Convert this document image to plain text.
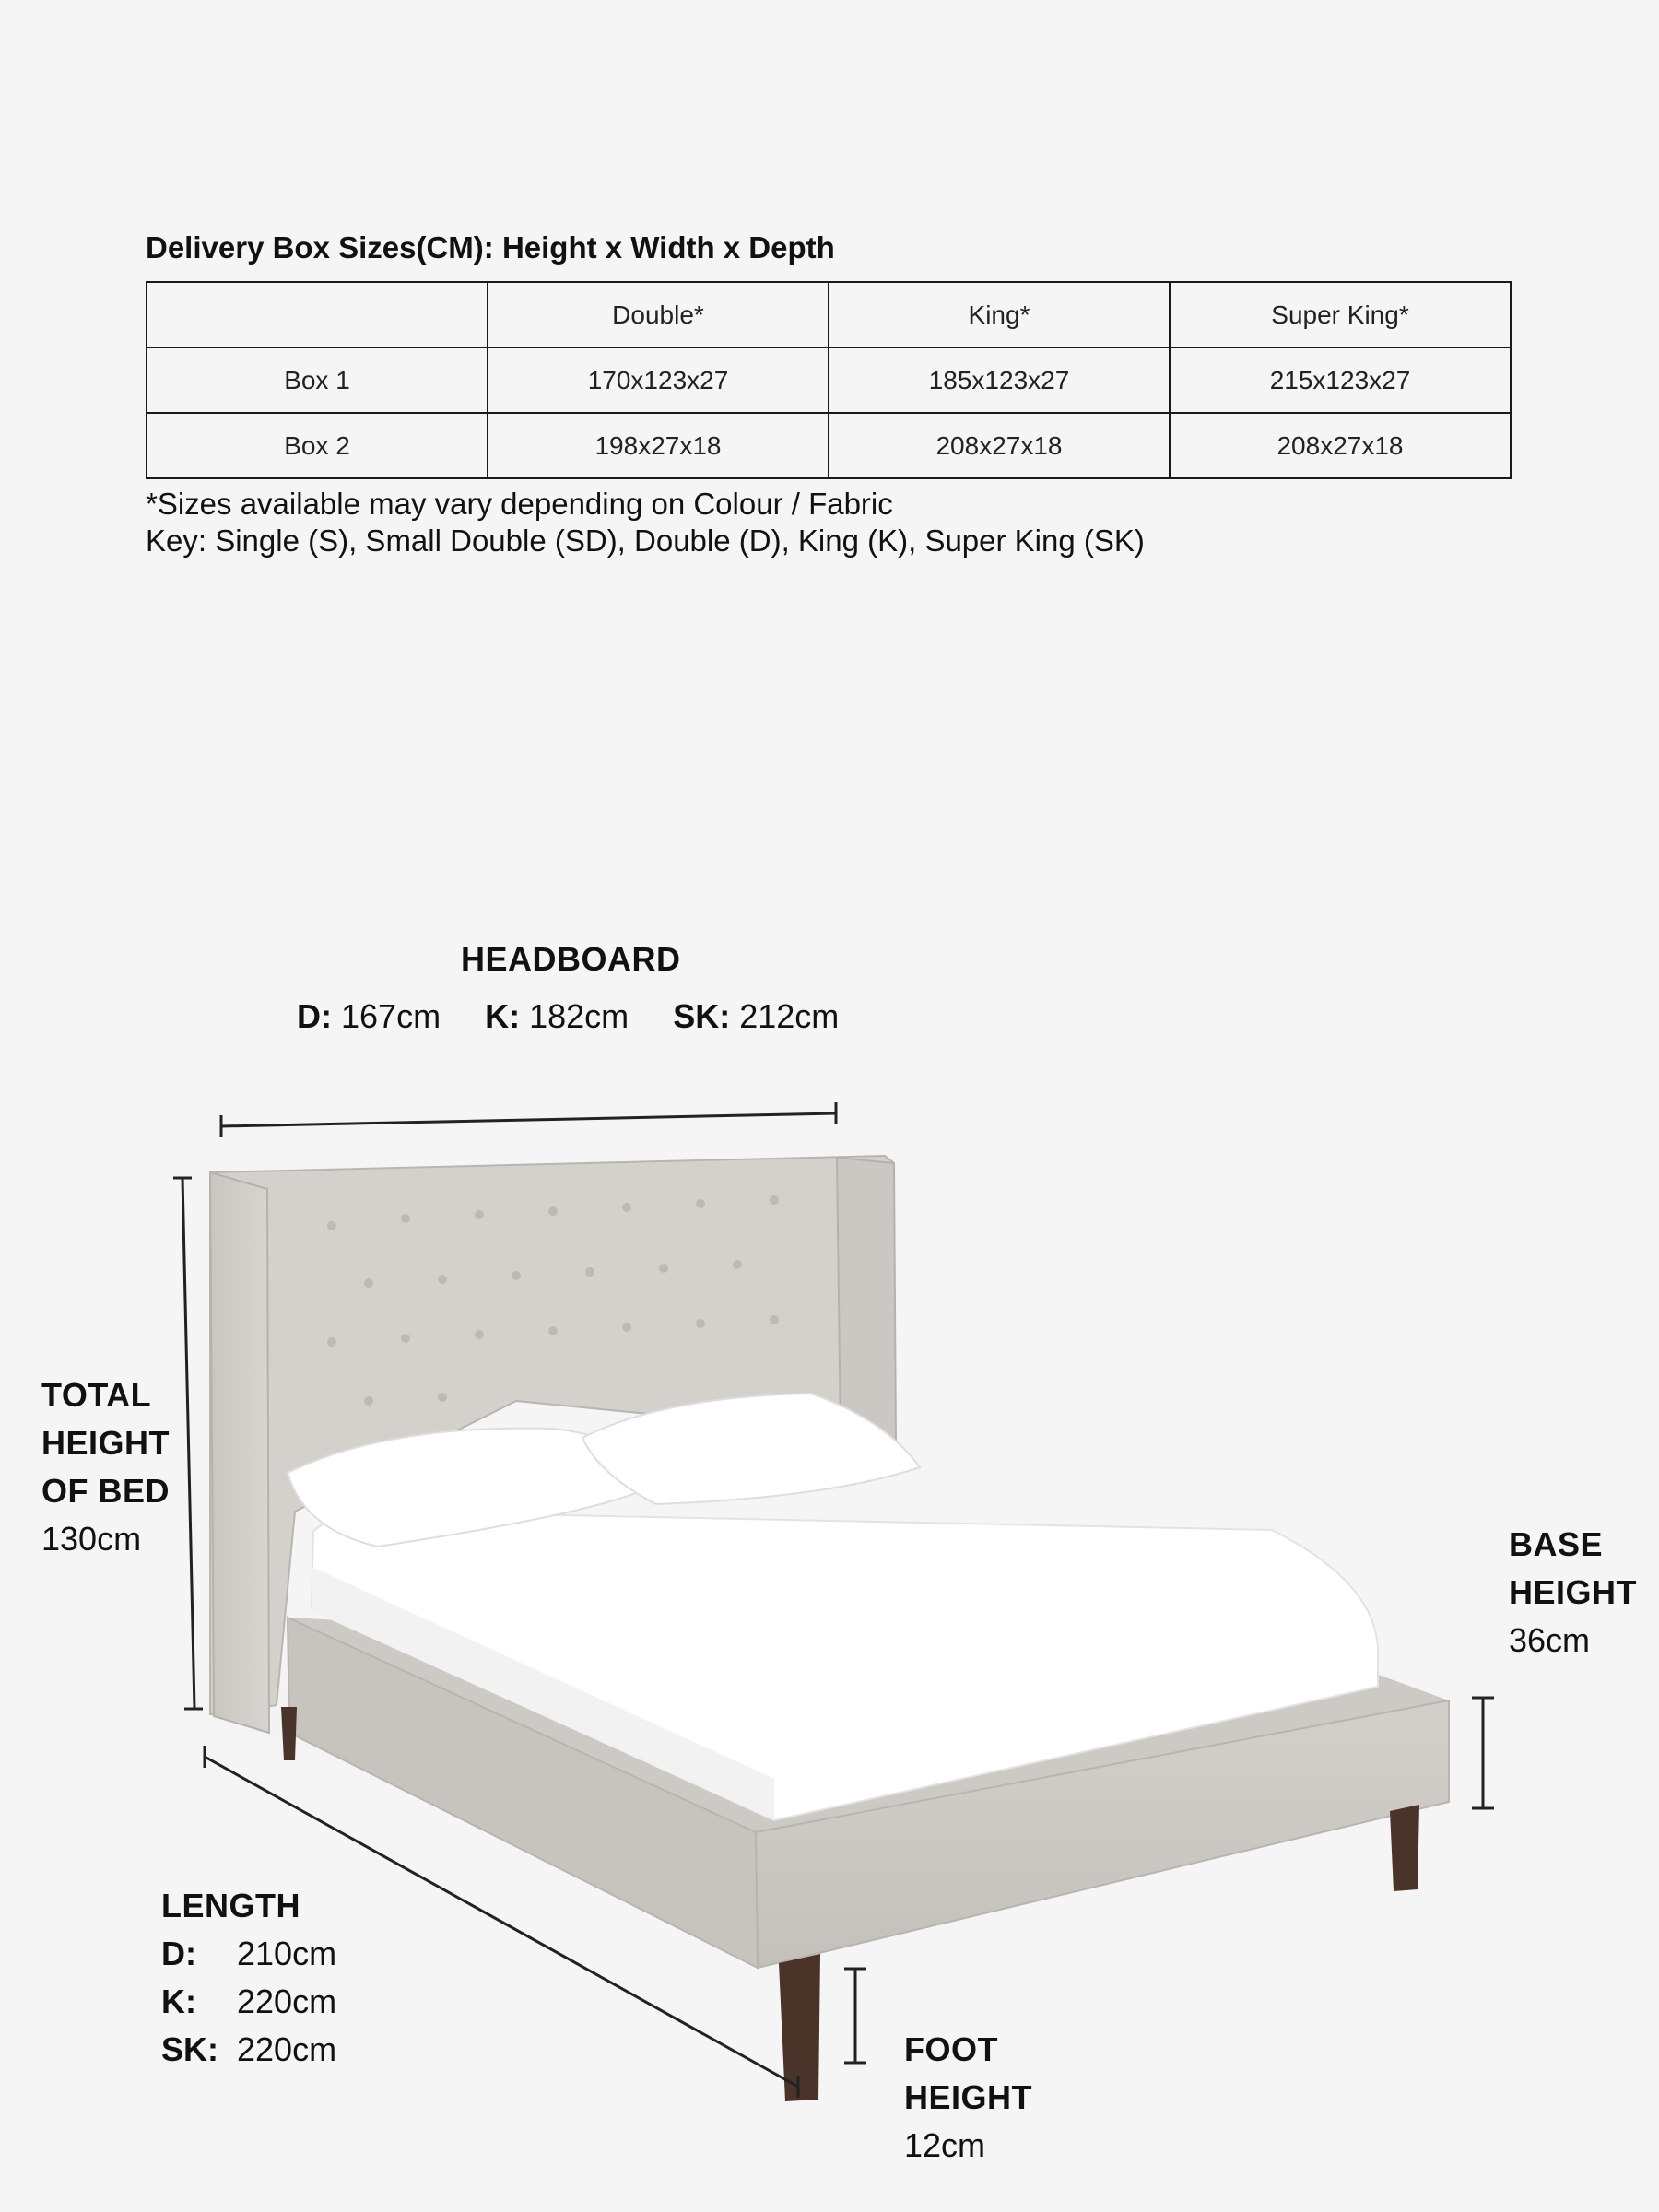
Delivery Box Sizes(CM): Height x Width x Depth
	Double*	King*	Super King*
Box 1	170x123x27	185x123x27	215x123x27
Box 2	198x27x18	208x27x18	208x27x18
*Sizes available may vary depending on Colour / Fabric
Key: Single (S), Small Double (SD), Double (D), King (K), Super King (SK)
HEADBOARD
D: 167cm K: 182cm SK: 212cm
TOTAL
HEIGHT
OF BED
130cm	BASE
HEIGHT
36cm
LENGTH
D:	210cm
K:	220cm
SK: 220cm	FOOT
HEIGHT
12cm
